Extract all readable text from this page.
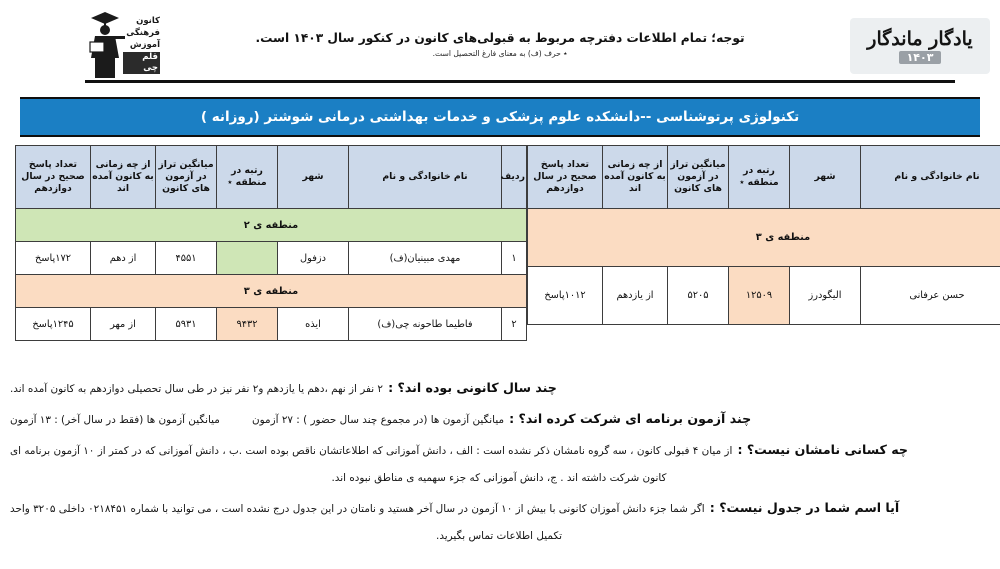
کانون
فرهنگی
آموزش
قلم چی
توجه؛ تمام اطلاعات دفترچه مربوط به قبولی‌های کانون در کنکور سال ۱۴۰۳ است.
٭ حرف (ف) به معنای فارغ التحصیل است.
یادگار ماندگار
۱۴۰۳
تکنولوژی پرتوشناسی --دانشکده علوم پزشکی و خدمات بهداشتی درمانی شوشتر (روزانه )
ردیف	نام خانوادگی و نام	شهر	رتبه در منطقه ٭	میانگین تراز در آزمون های کانون	از چه زمانی به کانون آمده اند	تعداد پاسخ صحیح در سال دوازدهم
منطقه ی ۲						
۱	مهدی مبینیان(ف)	دزفول		۴۵۵۱	از دهم	۱۷۲پاسخ
منطقه ی ۳						
۲	فاطیما طاحونه چی(ف)	ایذه	۹۴۳۲	۵۹۳۱	از مهر	۱۲۴۵پاسخ
	نام خانوادگی و نام	شهر	رتبه در منطقه ٭	میانگین تراز در آزمون های کانون	از چه زمانی به کانون آمده اند	تعداد پاسخ صحیح در سال دوازدهم
منطقه ی ۳						
	حسن عرفانی	الیگودرز	۱۲۵۰۹	۵۲۰۵	از یازدهم	۱۰۱۲پاسخ

چند سال کانونی بوده اند؟ : ۲ نفر از نهم ،دهم یا یازدهم و۲ نفر نیز در طی سال تحصیلی دوازدهم به کانون آمده اند.

چند آزمون برنامه ای شرکت کرده اند؟ : میانگین آزمون ها (در مجموع چند سال حضور ) : ۲۷ آزمون  میانگین آزمون ها (فقط در سال آخر) : ۱۳ آزمون

چه کسانی نامشان نیست؟ : از میان ۴ فبولی کانون ، سه گروه نامشان ذکر نشده است : الف ، دانش آموزانی که اطلاعاتشان ناقص بوده است .ب ، دانش آموزانی که در کمتر از ۱۰ آزمون برنامه ای

کانون شرکت داشته اند . ج، دانش آموزانی که جزء سهمیه ی مناطق نبوده اند.

آیا اسم شما در جدول نیست؟ : اگر شما جزء دانش آموزان کانونی با بیش از ۱۰ آزمون در سال آخر هستید و نامتان در این جدول درج نشده است ، می توانید با شماره ۰۲۱۸۴۵۱ داخلی ۳۲۰۵ واحد

تکمیل اطلاعات تماس بگیرید.
